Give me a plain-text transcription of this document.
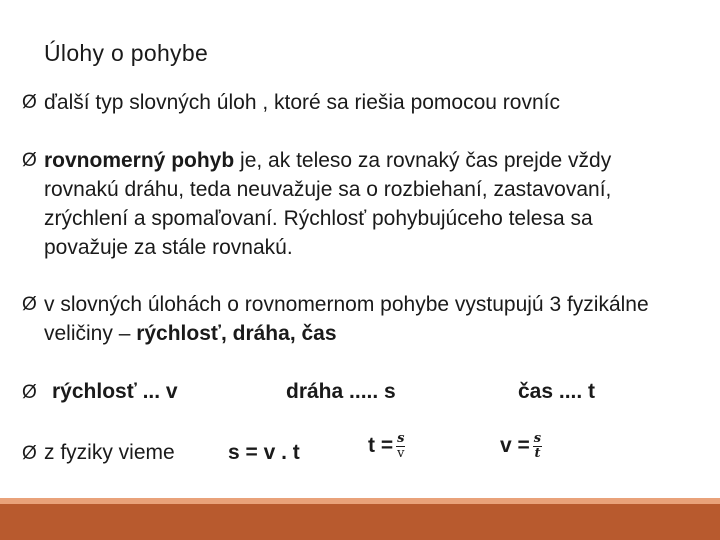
Úlohy o pohybe
Ø ďalší typ slovných úloh , ktoré sa riešia pomocou rovníc
Ø rovnomerný pohyb je, ak teleso za rovnaký čas prejde vždy rovnakú dráhu, teda neuvažuje sa o rozbiehaní, zastavovaní, zrýchlení a spomaľovaní. Rýchlosť pohybujúceho telesa sa považuje za stále rovnakú.
Ø v slovných úlohách o rovnomernom pohybe vystupujú 3 fyzikálne veličiny – rýchlosť, dráha, čas
Ø rýchlosť ... v	dráha ..... s	čas .... t
Ø z fyziky vieme	s = v . t	$t = \frac{s}{v}$	$v = \frac{s}{t}$
